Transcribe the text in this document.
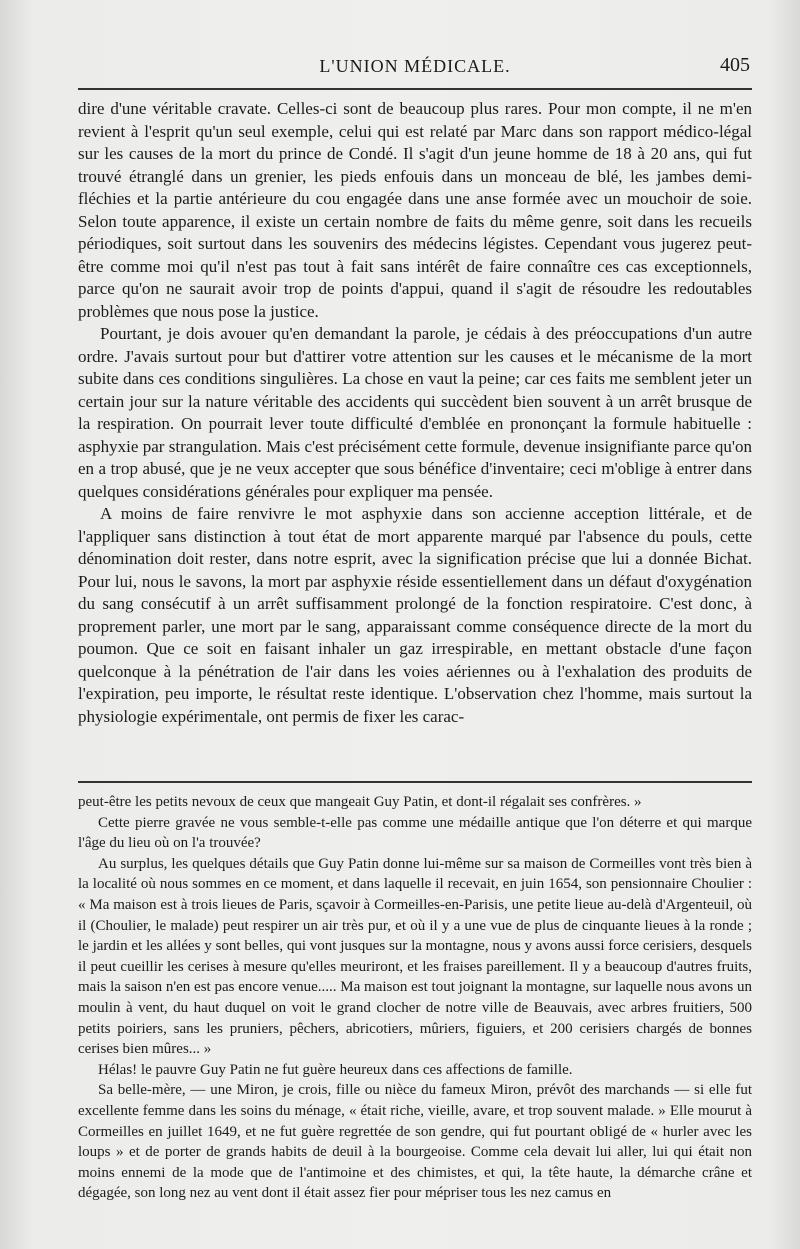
L'UNION MÉDICALE.	405

dire d'une véritable cravate. Celles-ci sont de beaucoup plus rares. Pour mon compte, il ne m'en revient à l'esprit qu'un seul exemple, celui qui est relaté par Marc dans son rapport médico-légal sur les causes de la mort du prince de Condé. Il s'agit d'un jeune homme de 18 à 20 ans, qui fut trouvé étranglé dans un grenier, les pieds enfouis dans un monceau de blé, les jambes demi-fléchies et la partie antérieure du cou engagée dans une anse formée avec un mouchoir de soie. Selon toute apparence, il existe un certain nombre de faits du même genre, soit dans les recueils périodiques, soit surtout dans les souvenirs des médecins légistes. Cependant vous jugerez peut-être comme moi qu'il n'est pas tout à fait sans intérêt de faire connaître ces cas exceptionnels, parce qu'on ne saurait avoir trop de points d'appui, quand il s'agit de résoudre les redoutables problèmes que nous pose la justice.

Pourtant, je dois avouer qu'en demandant la parole, je cédais à des préoccupations d'un autre ordre. J'avais surtout pour but d'attirer votre attention sur les causes et le mécanisme de la mort subite dans ces conditions singulières. La chose en vaut la peine; car ces faits me semblent jeter un certain jour sur la nature véritable des accidents qui succèdent bien souvent à un arrêt brusque de la respiration. On pourrait lever toute difficulté d'emblée en prononçant la formule habituelle : asphyxie par strangulation. Mais c'est précisément cette formule, devenue insignifiante parce qu'on en a trop abusé, que je ne veux accepter que sous bénéfice d'inventaire; ceci m'oblige à entrer dans quelques considérations générales pour expliquer ma pensée.

A moins de faire renvivre le mot asphyxie dans son accienne acception littérale, et de l'appliquer sans distinction à tout état de mort apparente marqué par l'absence du pouls, cette dénomination doit rester, dans notre esprit, avec la signification précise que lui a donnée Bichat. Pour lui, nous le savons, la mort par asphyxie réside essentiellement dans un défaut d'oxygénation du sang consécutif à un arrêt suffisamment prolongé de la fonction respiratoire. C'est donc, à proprement parler, une mort par le sang, apparaissant comme conséquence directe de la mort du poumon. Que ce soit en faisant inhaler un gaz irrespirable, en mettant obstacle d'une façon quelconque à la pénétration de l'air dans les voies aériennes ou à l'exhalation des produits de l'expiration, peu importe, le résultat reste identique. L'observation chez l'homme, mais surtout la physiologie expérimentale, ont permis de fixer les carac-

peut-être les petits nevoux de ceux que mangeait Guy Patin, et dont-il régalait ses confrères. »

Cette pierre gravée ne vous semble-t-elle pas comme une médaille antique que l'on déterre et qui marque l'âge du lieu où on l'a trouvée?

Au surplus, les quelques détails que Guy Patin donne lui-même sur sa maison de Cormeilles vont très bien à la localité où nous sommes en ce moment, et dans laquelle il recevait, en juin 1654, son pensionnaire Choulier : « Ma maison est à trois lieues de Paris, sçavoir à Cormeilles-en-Parisis, une petite lieue au-delà d'Argenteuil, où il (Choulier, le malade) peut respirer un air très pur, et où il y a une vue de plus de cinquante lieues à la ronde ; le jardin et les allées y sont belles, qui vont jusques sur la montagne, nous y avons aussi force cerisiers, desquels il peut cueillir les cerises à mesure qu'elles meuriront, et les fraises pareillement. Il y a beaucoup d'autres fruits, mais la saison n'en est pas encore venue..... Ma maison est tout joignant la montagne, sur laquelle nous avons un moulin à vent, du haut duquel on voit le grand clocher de notre ville de Beauvais, avec arbres fruitiers, 500 petits poiriers, sans les pruniers, pêchers, abricotiers, mûriers, figuiers, et 200 cerisiers chargés de bonnes cerises bien mûres... »

Hélas! le pauvre Guy Patin ne fut guère heureux dans ces affections de famille.

Sa belle-mère, — une Miron, je crois, fille ou nièce du fameux Miron, prévôt des marchands — si elle fut excellente femme dans les soins du ménage, « était riche, vieille, avare, et trop souvent malade. » Elle mourut à Cormeilles en juillet 1649, et ne fut guère regrettée de son gendre, qui fut pourtant obligé de « hurler avec les loups » et de porter de grands habits de deuil à la bourgeoise. Comme cela devait lui aller, lui qui était non moins ennemi de la mode que de l'antimoine et des chimistes, et qui, la tête haute, la démarche crâne et dégagée, son long nez au vent dont il était assez fier pour mépriser tous les nez camus en
